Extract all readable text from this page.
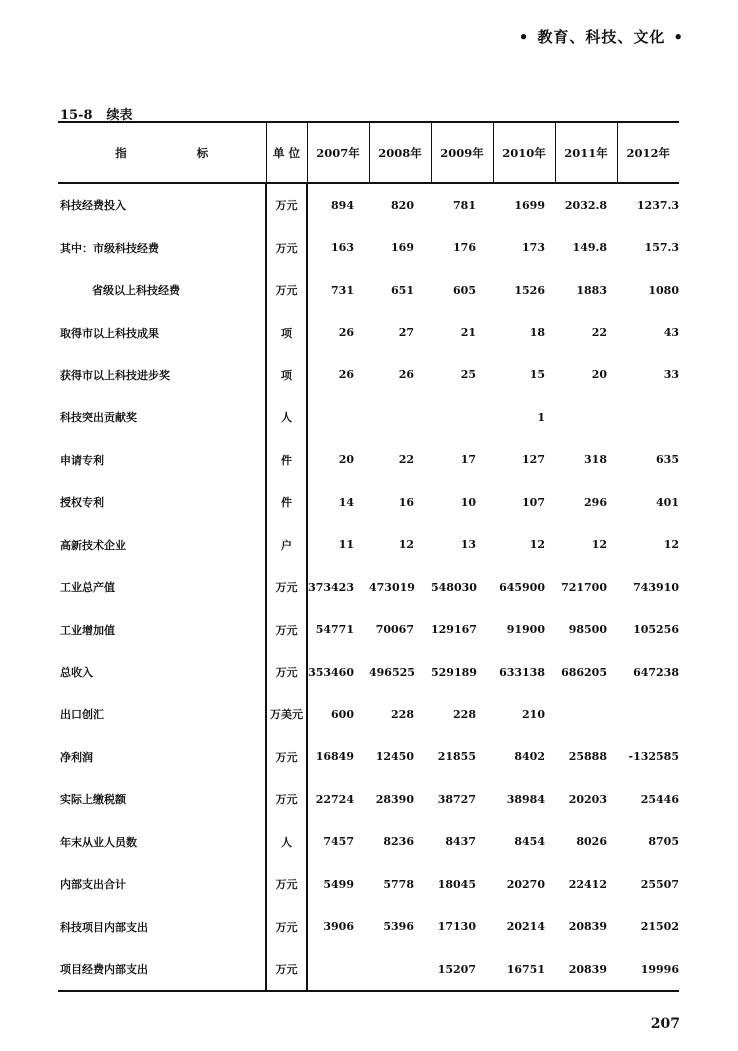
• 教育、科技、文化 •
15-8 续表
指 标	单 位	2007年	2008年	2009年	2010年	2011年	2012年
科技经费投入	万元	894	820	781	1699	2032.8	1237.3
其中：市级科技经费	万元	163	169	176	173	149.8	157.3
省级以上科技经费	万元	731	651	605	1526	1883	1080
取得市以上科技成果	项	26	27	21	18	22	43
获得市以上科技进步奖	项	26	26	25	15	20	33
科技突出贡献奖	人				1		
申请专利	件	20	22	17	127	318	635
授权专利	件	14	16	10	107	296	401
高新技术企业	户	11	12	13	12	12	12
工业总产值	万元	373423	473019	548030	645900	721700	743910
工业增加值	万元	54771	70067	129167	91900	98500	105256
总收入	万元	353460	496525	529189	633138	686205	647238
出口创汇	万美元	600	228	228	210		
净利润	万元	16849	12450	21855	8402	25888	-132585
实际上缴税额	万元	22724	28390	38727	38984	20203	25446
年末从业人员数	人	7457	8236	8437	8454	8026	8705
内部支出合计	万元	5499	5778	18045	20270	22412	25507
科技项目内部支出	万元	3906	5396	17130	20214	20839	21502
项目经费内部支出	万元			15207	16751	20839	19996
207
